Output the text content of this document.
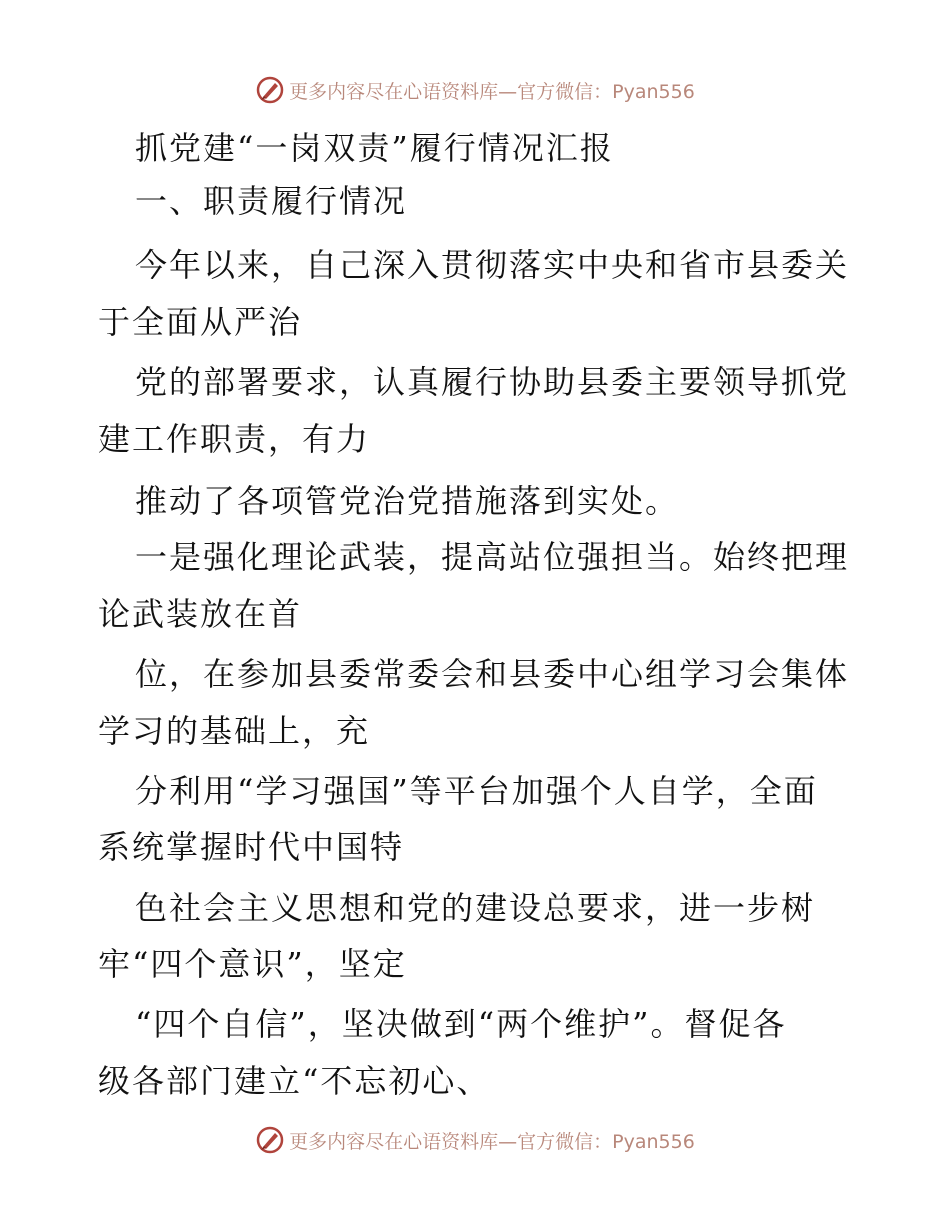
更多内容尽在心语资料库—官方微信：Pyan556
抓党建“一岗双责”履行情况汇报
一、职责履行情况
今年以来，自己深入贯彻落实中央和省市县委关
于全面从严治
党的部署要求，认真履行协助县委主要领导抓党
建工作职责，有力
推动了各项管党治党措施落到实处。
一是强化理论武装，提高站位强担当。始终把理
论武装放在首
位，在参加县委常委会和县委中心组学习会集体
学习的基础上，充
分利用“学习强国”等平台加强个人自学，全面
系统掌握时代中国特
色社会主义思想和党的建设总要求，进一步树
牢“四个意识”，坚定
“四个自信”，坚决做到“两个维护”。督促各
级各部门建立“不忘初心、
更多内容尽在心语资料库—官方微信：Pyan556
